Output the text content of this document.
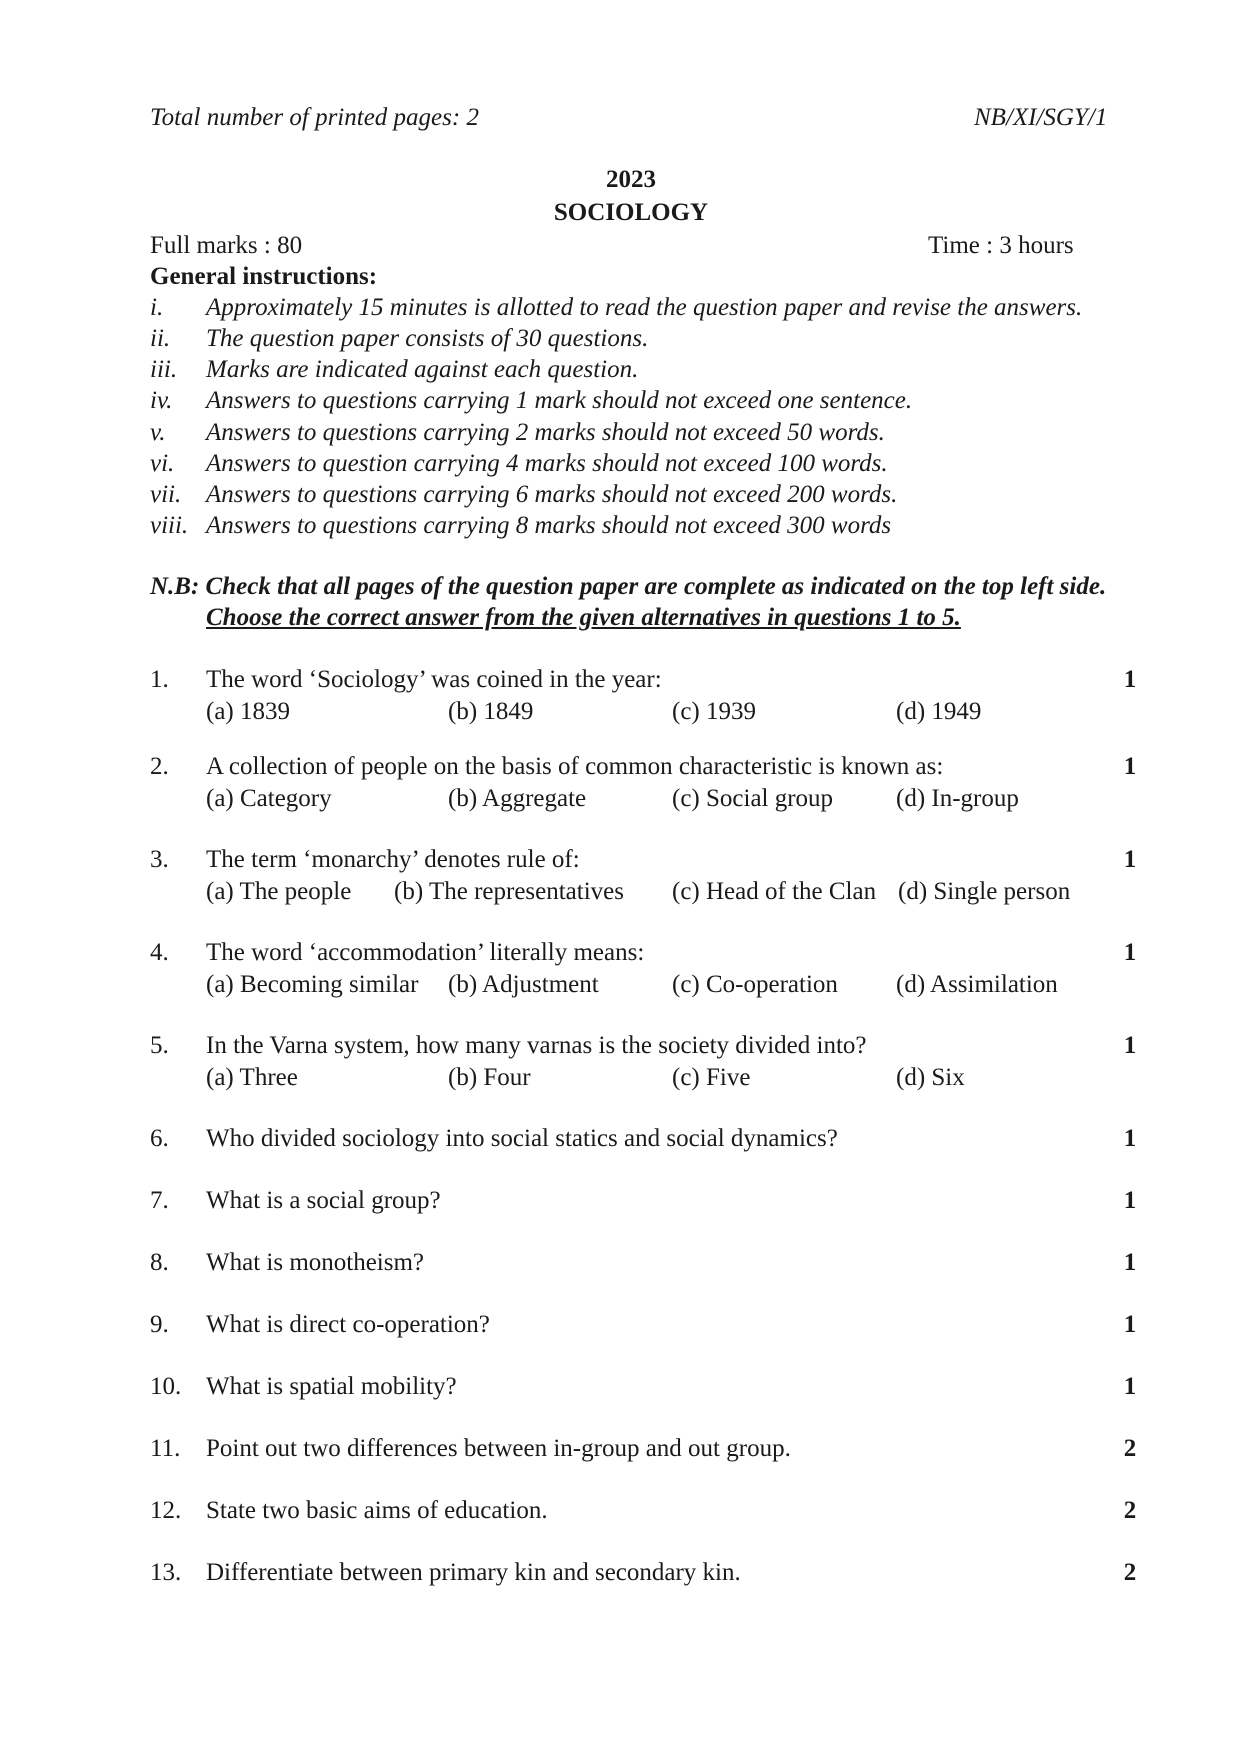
Total number of printed pages: 2	NB/XI/SGY/1
2023
SOCIOLOGY
Full marks : 80	Time : 3 hours
General instructions:
i. Approximately 15 minutes is allotted to read the question paper and revise the answers.
ii. The question paper consists of 30 questions.
iii. Marks are indicated against each question.
iv. Answers to questions carrying 1 mark should not exceed one sentence.
v. Answers to questions carrying 2 marks should not exceed 50 words.
vi. Answers to question carrying 4 marks should not exceed 100 words.
vii. Answers to questions carrying 6 marks should not exceed 200 words.
viii. Answers to questions carrying 8 marks should not exceed 300 words
N.B: Check that all pages of the question paper are complete as indicated on the top left side.
Choose the correct answer from the given alternatives in questions 1 to 5.
1. The word ‘Sociology’ was coined in the year:	1
(a) 1839	(b) 1849	(c) 1939	(d) 1949
2. A collection of people on the basis of common characteristic is known as:	1
(a) Category	(b) Aggregate	(c) Social group	(d) In-group
3. The term ‘monarchy’ denotes rule of:	1
(a) The people (b) The representatives (c) Head of the Clan (d) Single person
4. The word ‘accommodation’ literally means:	1
(a) Becoming similar (b) Adjustment	(c) Co-operation (d) Assimilation
5. In the Varna system, how many varnas is the society divided into?	1
(a) Three	(b) Four	(c) Five	(d) Six
6. Who divided sociology into social statics and social dynamics?	1
7. What is a social group?	1
8. What is monotheism?	1
9. What is direct co-operation?	1
10. What is spatial mobility?	1
11. Point out two differences between in-group and out group.	2
12. State two basic aims of education.	2
13. Differentiate between primary kin and secondary kin.	2
